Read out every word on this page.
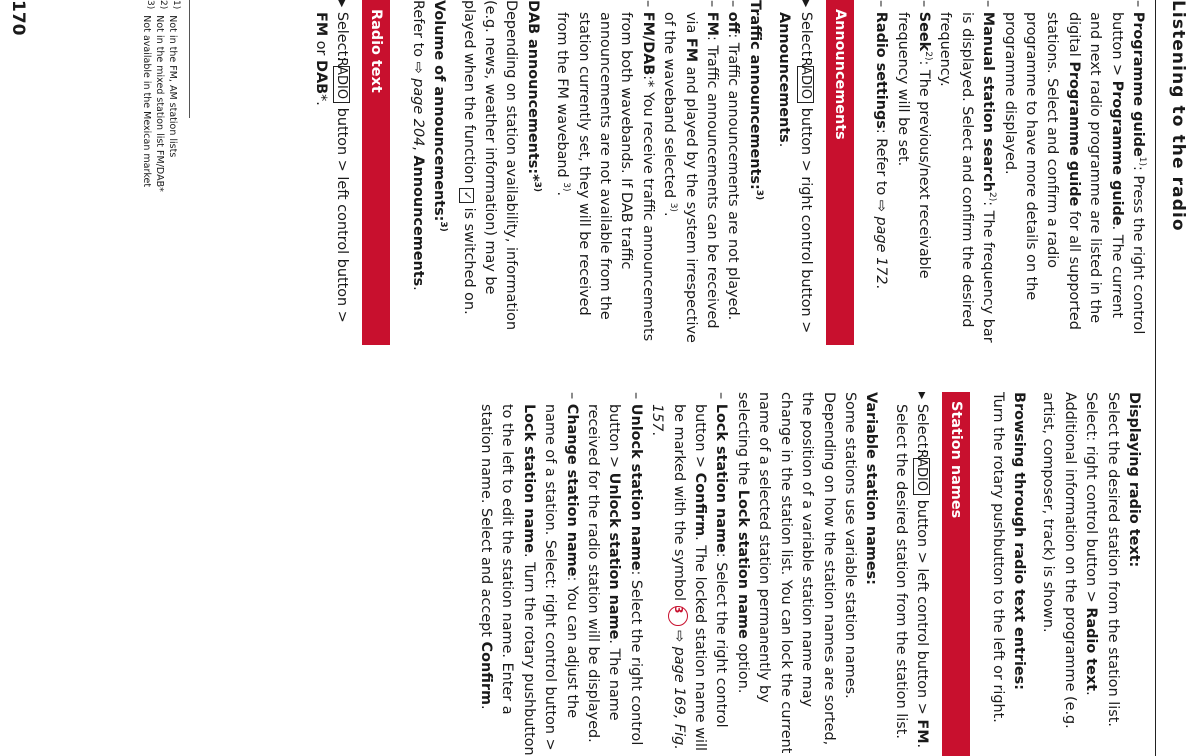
Listening to the radio

– Programme guide$^{1)}$: Press the right control button > Programme guide. The current and next radio programme are listed in the digital Programme guide for all supported stations. Select and confirm a radio programme to have more details on the programme displayed.

– Manual station search$^{2)}$: The frequency bar is displayed. Select and confirm the desired frequency.

– Seek$^{2)}$: The previous/next receivable frequency will be set.

– Radio settings: Refer to ⇨ page 172.

Announcements

▸ Select: RADIO button > right control button > Announcements.

Traffic announcements:$^{3)}$

– off: Traffic announcements are not played.

– FM: Traffic announcements can be received via FM and played by the system irrespective of the waveband selected $^{3)}$.

– FM/DAB:* You receive traffic announcements from both wavebands. If DAB traffic announcements are not available from the station currently set, they will be received from the FM waveband $^{3)}$.

DAB announcements:*$^{3)}$

Depending on station availability, information (e.g. news, weather information) may be played when the function ✓ is switched on.

Volume of announcements:$^{3)}$

Refer to ⇨ page 204, Announcements.

Radio text

▸ Select: RADIO button > left control button > FM or DAB*.

Displaying radio text:

Select the desired station from the station list. Select: right control button > Radio text. Additional information on the programme (e.g. artist, composer, track) is shown.

Browsing through radio text entries:

Turn the rotary pushbutton to the left or right.

Station names

▸ Select: RADIO button > left control button > FM. Select the desired station from the station list.

Variable station names:

Some stations use variable station names. Depending on how the station names are sorted, the position of a variable station name may change in the station list. You can lock the current name of a selected station permanently by selecting the Lock station name option.

– Lock station name: Select the right control button > Confirm. The locked station name will be marked with the symbol 3 ⇨ page 169, Fig. 157.

– Unlock station name: Select the right control button > Unlock station name. The name received for the radio station will be displayed.

– Change station name: You can adjust the name of a station. Select: right control button > Lock station name. Turn the rotary pushbutton to the left to edit the station name. Enter a station name. Select and accept Confirm.

$^{1)}$  Not in the FM, AM station lists
$^{2)}$  Not in the mixed station list FM/DAB*
$^{3)}$  Not available in the Mexican market
170
